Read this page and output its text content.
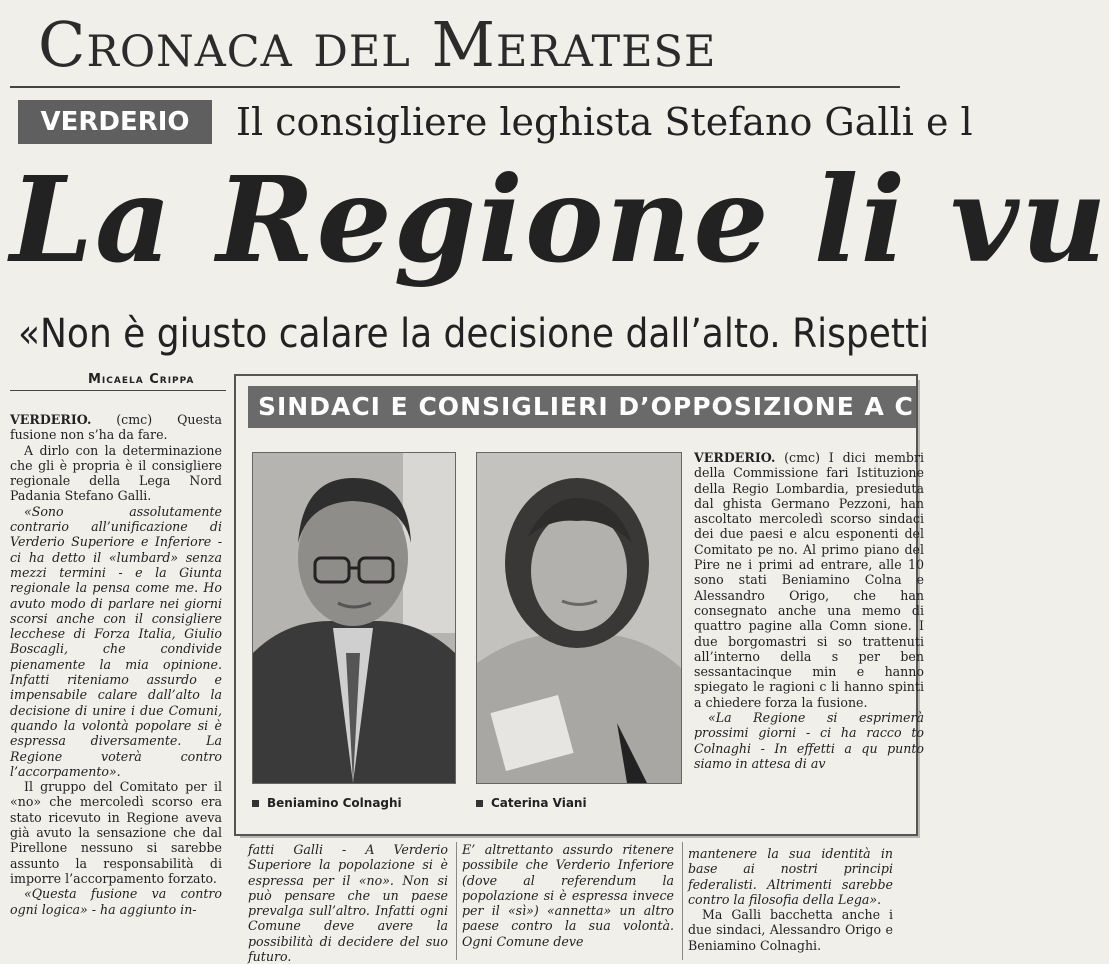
Cronaca del Meratese
VERDERIO	Il consigliere leghista Stefano Galli e l
La Regione li vu
«Non è giusto calare la decisione dall’alto. Rispetti
Micaela Crippa

VERDERIO. (cmc) Questa fusione non s’ha da fare.

A dirlo con la determinazione che gli è propria è il consigliere regionale della Lega Nord Padania Stefano Galli.

«Sono assolutamente contrario all’unificazione di Verderio Superiore e Inferiore - ci ha detto il «lumbard» senza mezzi termini - e la Giunta regionale la pensa come me. Ho avuto modo di parlare nei giorni scorsi anche con il consigliere lecchese di Forza Italia, Giulio Boscagli, che condivide pienamente la mia opinione. Infatti riteniamo assurdo e impensabile calare dall’alto la decisione di unire i due Comuni, quando la volontà popolare si è espressa diversamente. La Regione voterà contro l’accorpamento».

Il gruppo del Comitato per il «no» che mercoledì scorso era stato ricevuto in Regione aveva già avuto la sensazione che dal Pirellone nessuno si sarebbe assunto la responsabilità di imporre l’accorpamento forzato.

«Questa fusione va contro ogni logica» - ha aggiunto in-

SINDACI E CONSIGLIERI D’OPPOSIZIONE A C
Beniamino Colnaghi	Caterina Viani

VERDERIO. (cmc) I dici membri della Commissione fari Istituzione della Regio Lombardia, presieduta dal ghista Germano Pezzoni, han ascoltato mercoledì scorso sindaci dei due paesi e alcu esponenti del Comitato pe no. Al primo piano del Pire ne i primi ad entrare, alle 10 sono stati Beniamino Colna e Alessandro Origo, che han consegnato anche una memo di quattro pagine alla Comn sione. I due borgomastri si so trattenuti all’interno della s per ben sessantacinque min e hanno spiegato le ragioni c li hanno spinti a chiedere forza la fusione.

«La Regione si esprimerà prossimi giorni - ci ha racco to Colnaghi - In effetti a qu punto siamo in attesa di av

fatti Galli - A Verderio Superiore la popolazione si è espressa per il «no». Non si può pensare che un paese prevalga sull’altro. Infatti ogni Comune deve avere la possibilità di decidere del suo futuro.

E’ altrettanto assurdo ritenere possibile che Verderio Inferiore (dove al referendum la popolazione si è espressa invece per il «sì») «annetta» un altro paese contro la sua volontà. Ogni Comune deve

mantenere la sua identità in base ai nostri principi federalisti. Altrimenti sarebbe contro la filosofia della Lega».

Ma Galli bacchetta anche i due sindaci, Alessandro Origo e Beniamino Colnaghi.
